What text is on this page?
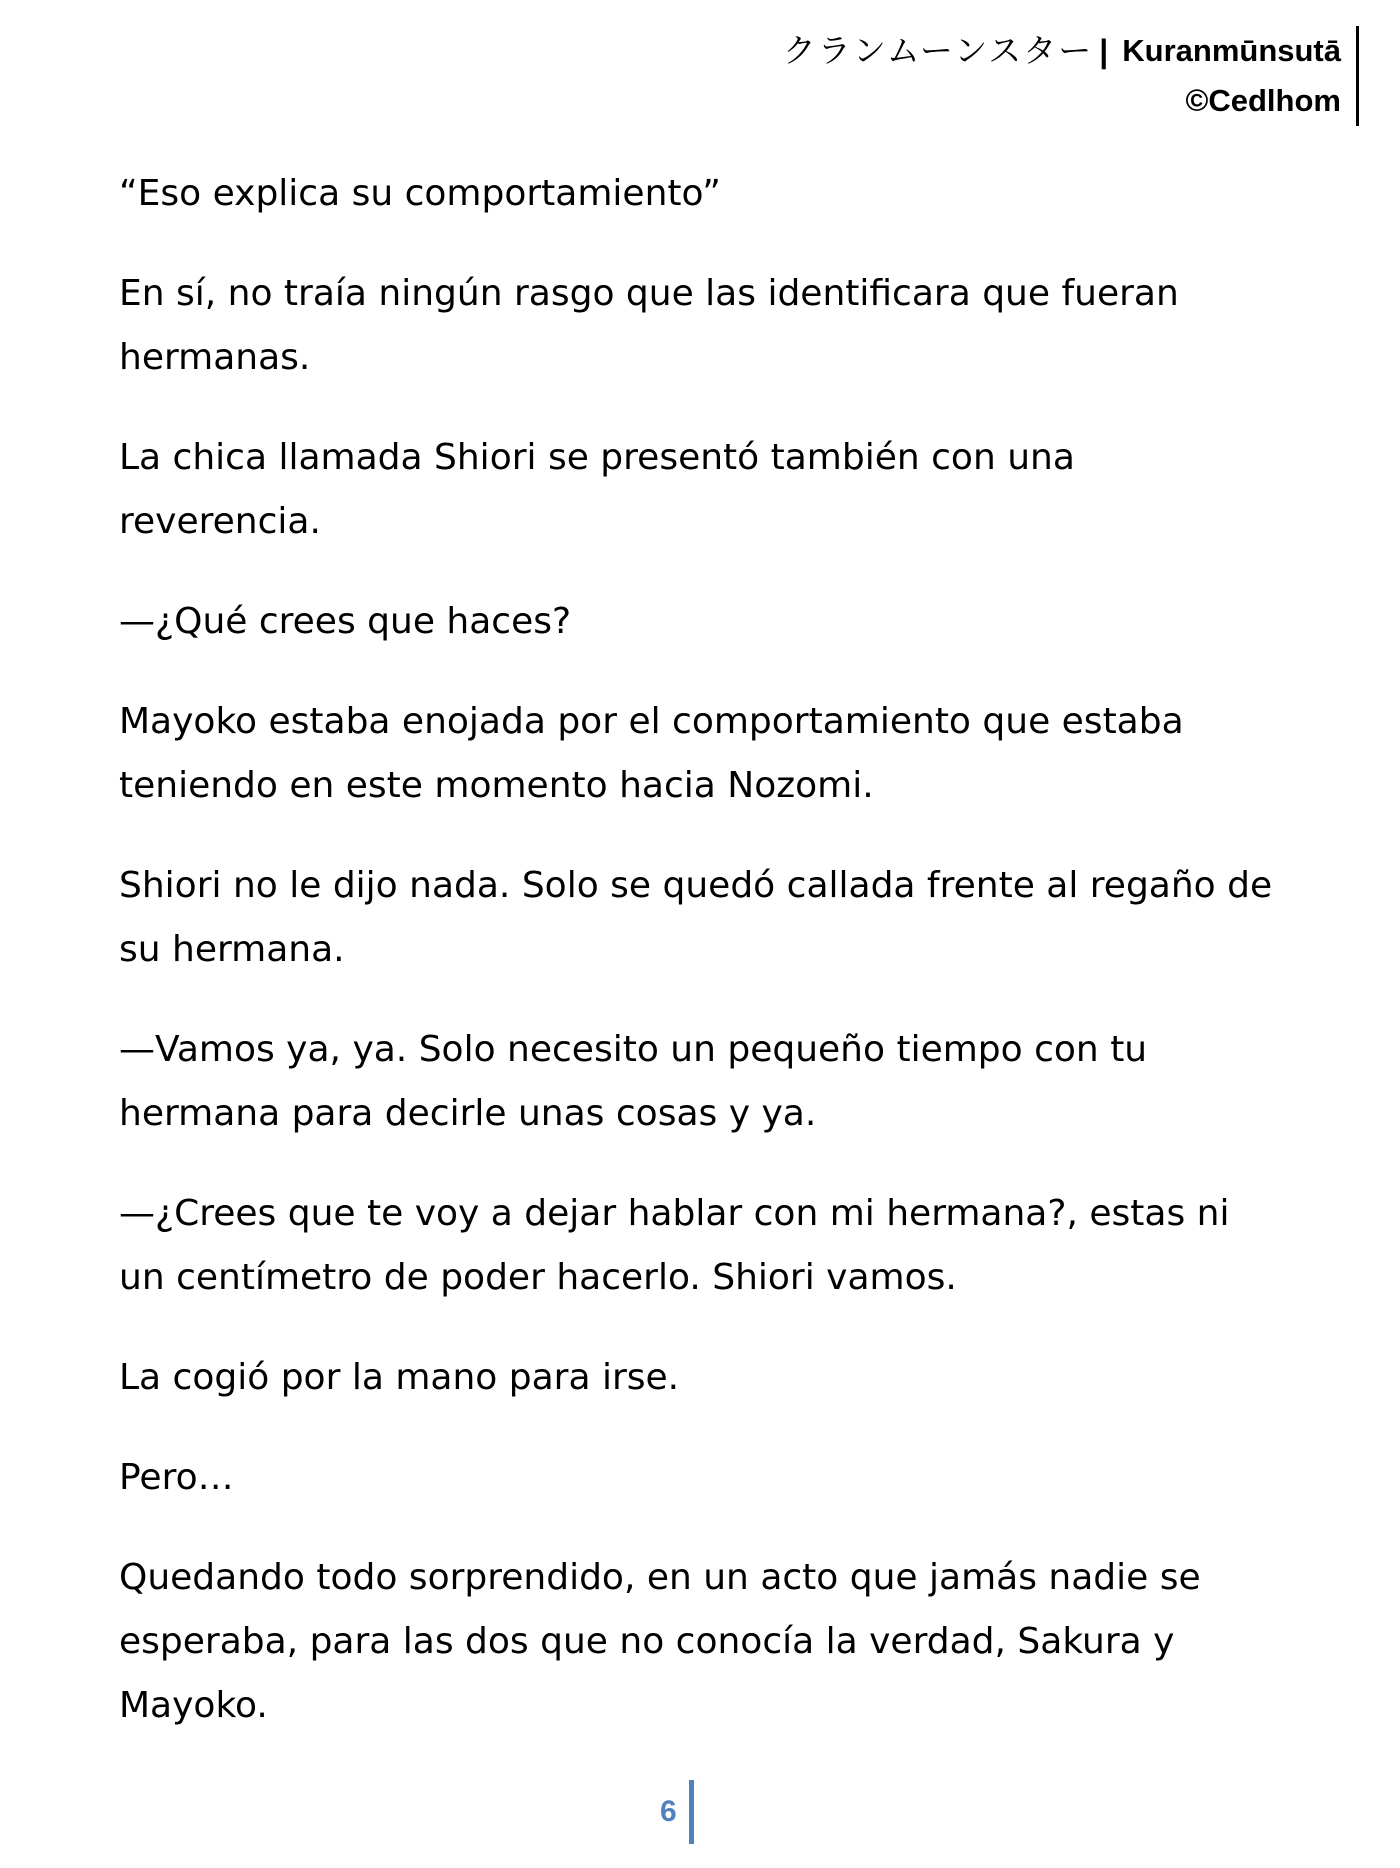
クランムーンスター | Kuranmūnsutā
©Cedlhom

“Eso explica su comportamiento”

En sí, no traía ningún rasgo que las identificara que fueran hermanas.

La chica llamada Shiori se presentó también con una reverencia.

—¿Qué crees que haces?

Mayoko estaba enojada por el comportamiento que estaba teniendo en este momento hacia Nozomi.

Shiori no le dijo nada. Solo se quedó callada frente al regaño de su hermana.

—Vamos ya, ya. Solo necesito un pequeño tiempo con tu hermana para decirle unas cosas y ya.

—¿Crees que te voy a dejar hablar con mi hermana?, estas ni un centímetro de poder hacerlo. Shiori vamos.

La cogió por la mano para irse.

Pero…

Quedando todo sorprendido, en un acto que jamás nadie se esperaba, para las dos que no conocía la verdad, Sakura y Mayoko.

6
